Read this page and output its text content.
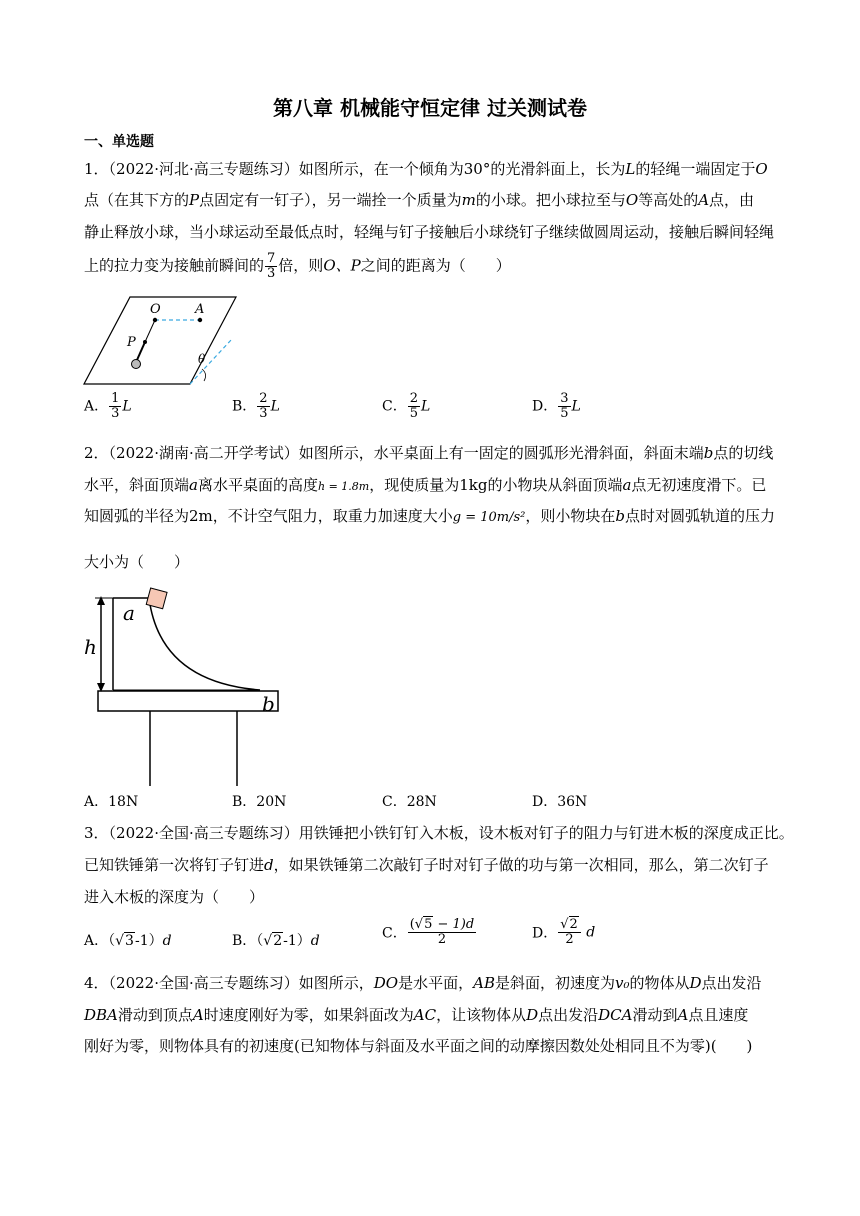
第八章 机械能守恒定律 过关测试卷
一、单选题
1．（2022·河北·高三专题练习）如图所示，在一个倾角为30°的光滑斜面上，长为L的轻绳一端固定于O
点（在其下方的P点固定有一钉子），另一端拴一个质量为m的小球。把小球拉至与O等高处的A点，由
静止释放小球，当小球运动至最低点时，轻绳与钉子接触后小球绕钉子继续做圆周运动，接触后瞬间轻绳
上的拉力变为接触前瞬间的 $\frac{7}{3}$ 倍，则O、P之间的距离为（　　）
O	A
P
θ
A． $\frac{1}{3}$ L	B． $\frac{2}{3}$ L	C． $\frac{2}{5}$ L	D． $\frac{3}{5}$ L
2．（2022·湖南·高二开学考试）如图所示，水平桌面上有一固定的圆弧形光滑斜面，斜面末端b点的切线
水平，斜面顶端a离水平桌面的高度h = 1.8m，现使质量为1kg的小物块从斜面顶端a点无初速度滑下。已
知圆弧的半径为2m，不计空气阻力，取重力加速度大小g = 10m/s²，则小物块在b点时对圆弧轨道的压力
大小为（　　）
h
a
b
A．18N	B．20N	C．28N	D．36N
3．（2022·全国·高三专题练习）用铁锤把小铁钉钉入木板，设木板对钉子的阻力与钉进木板的深度成正比。
已知铁锤第一次将钉子钉进d，如果铁锤第二次敲钉子时对钉子做的功与第一次相同，那么，第二次钉子
进入木板的深度为（　　）
A．（√3-1）d	B．（√2-1）d	C． $\frac{(√5 - 1)d}{2}$	D． $\frac{√2}{2}$ d
4．（2022·全国·高三专题练习）如图所示，DO是水平面，AB是斜面，初速度为v₀的物体从D点出发沿
DBA滑动到顶点A时速度刚好为零，如果斜面改为AC，让该物体从D点出发沿DCA滑动到A点且速度
刚好为零，则物体具有的初速度(已知物体与斜面及水平面之间的动摩擦因数处处相同且不为零)(　　)
